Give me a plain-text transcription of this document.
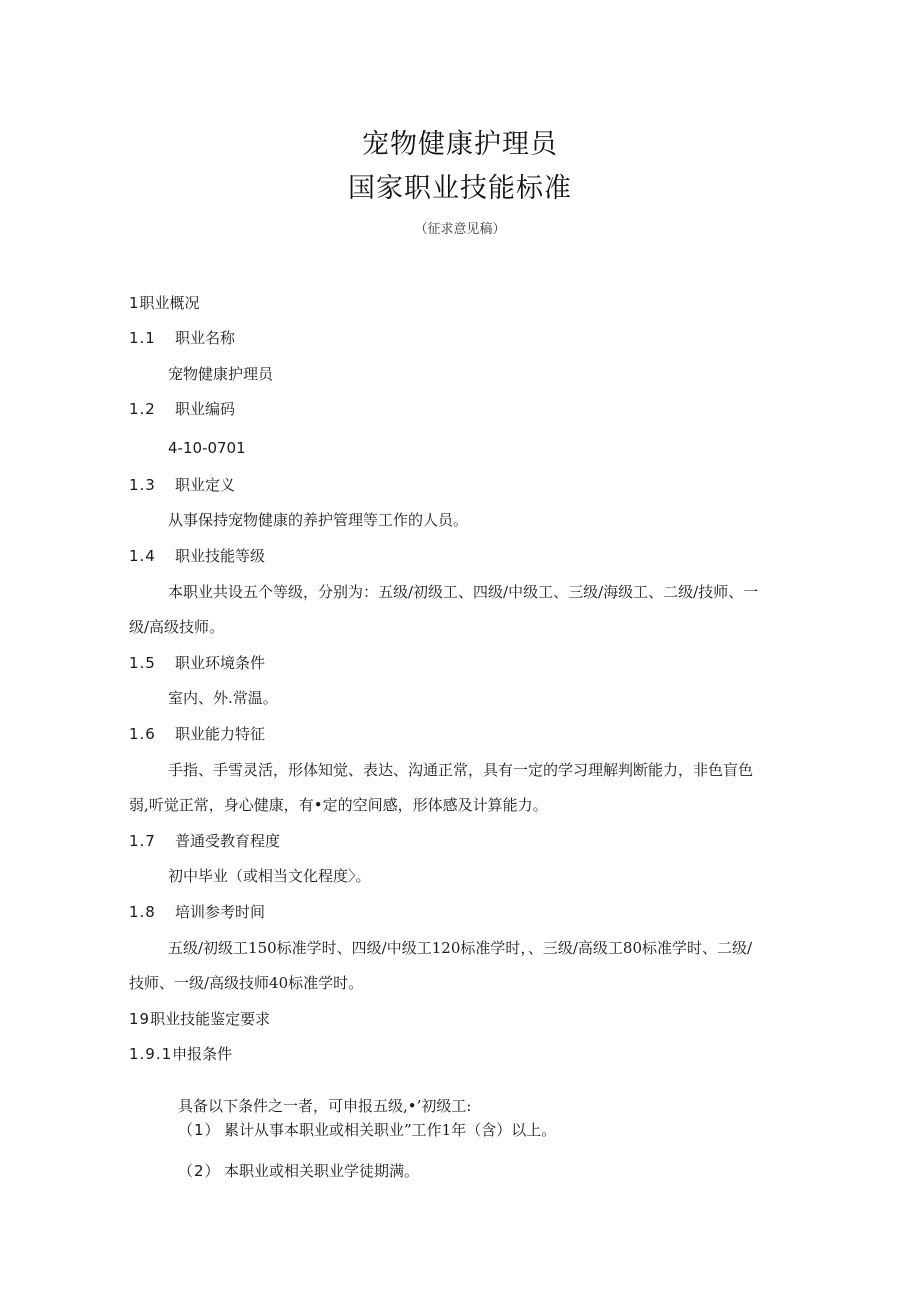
宠物健康护理员
国家职业技能标准
（征求意见稿）
1职业概况
1.1 职业名称
宠物健康护理员
1.2 职业编码
4-10-0701
1.3 职业定义
从事保持宠物健康的养护管理等工作的人员。
1.4 职业技能等级
本职业共设五个等级，分别为：五级/初级工、四级/中级工、三级/海级工、二级/技师、一
级/高级技师。
1.5 职业环境条件
室内、外.常温。
1.6 职业能力特征
手指、手雪灵活，形体知觉、表达、沟通正常，具有一定的学习理解判断能力，非色盲色
弱,听觉正常，身心健康，有•定的空间感，形体感及计算能力。
1.7 普通受教育程度
初中毕业（或相当文化程度〉。
1.8 培训参考时间
五级/初级工150标准学时、四级/中级工120标准学时，、三级/高级工80标准学时、二级/
技师、一级/高级技师40标准学时。
19职业技能鉴定要求
1.9.1申报条件
具备以下条件之一者，可申报五级,•’初级工:
（1） 累计从事本职业或相关职业”工作1年（含）以上。
（2） 本职业或相关职业学徒期满。
